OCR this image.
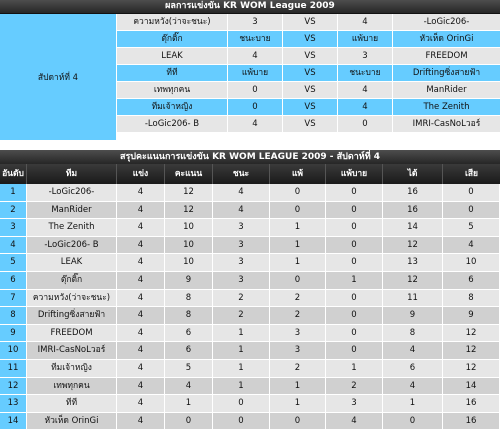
ผลการแข่งขัน KR WOM League 2009
สัปดาห์ที่ 4
ความหวัง(ว่าจะชนะ)	3	VS	4	-LoGic206-
ตุ๊กติ๊ก	ชนะบาย	VS	แพ้บาย	หัวเห็ด OrinGi
LEAK	4	VS	3	FREEDOM
ทีที	แพ้บาย	VS	ชนะบาย	Driftingซิ่งสายฟ้า
เทพทุกคน	0	VS	4	ManRider
ทีมเจ้าหญิง	0	VS	4	The Zenith
-LoGic206- B	4	VS	0	IMRI-CasNoLวอร์
สรุปคะแนนการแข่งขัน KR WOM LEAGUE 2009 - สัปดาห์ที่ 4
อันดับ	ทีม	แข่ง	คะแนน	ชนะ	แพ้	แพ้บาย	ได้	เสีย
1	-LoGic206-	4	12	4	0	0	16	0
2	ManRider	4	12	4	0	0	16	0
3	The Zenith	4	10	3	1	0	14	5
4	-LoGic206- B	4	10	3	1	0	12	4
5	LEAK	4	10	3	1	0	13	10
6	ตุ๊กติ๊ก	4	9	3	0	1	12	6
7	ความหวัง(ว่าจะชนะ)	4	8	2	2	0	11	8
8	Driftingซิ่งสายฟ้า	4	8	2	2	0	9	9
9	FREEDOM	4	6	1	3	0	8	12
10	IMRI-CasNoLวอร์	4	6	1	3	0	4	12
11	ทีมเจ้าหญิง	4	5	1	2	1	6	12
12	เทพทุกคน	4	4	1	1	2	4	14
13	ทีที	4	1	0	1	3	1	16
14	หัวเห็ด OrinGi	4	0	0	0	4	0	16
